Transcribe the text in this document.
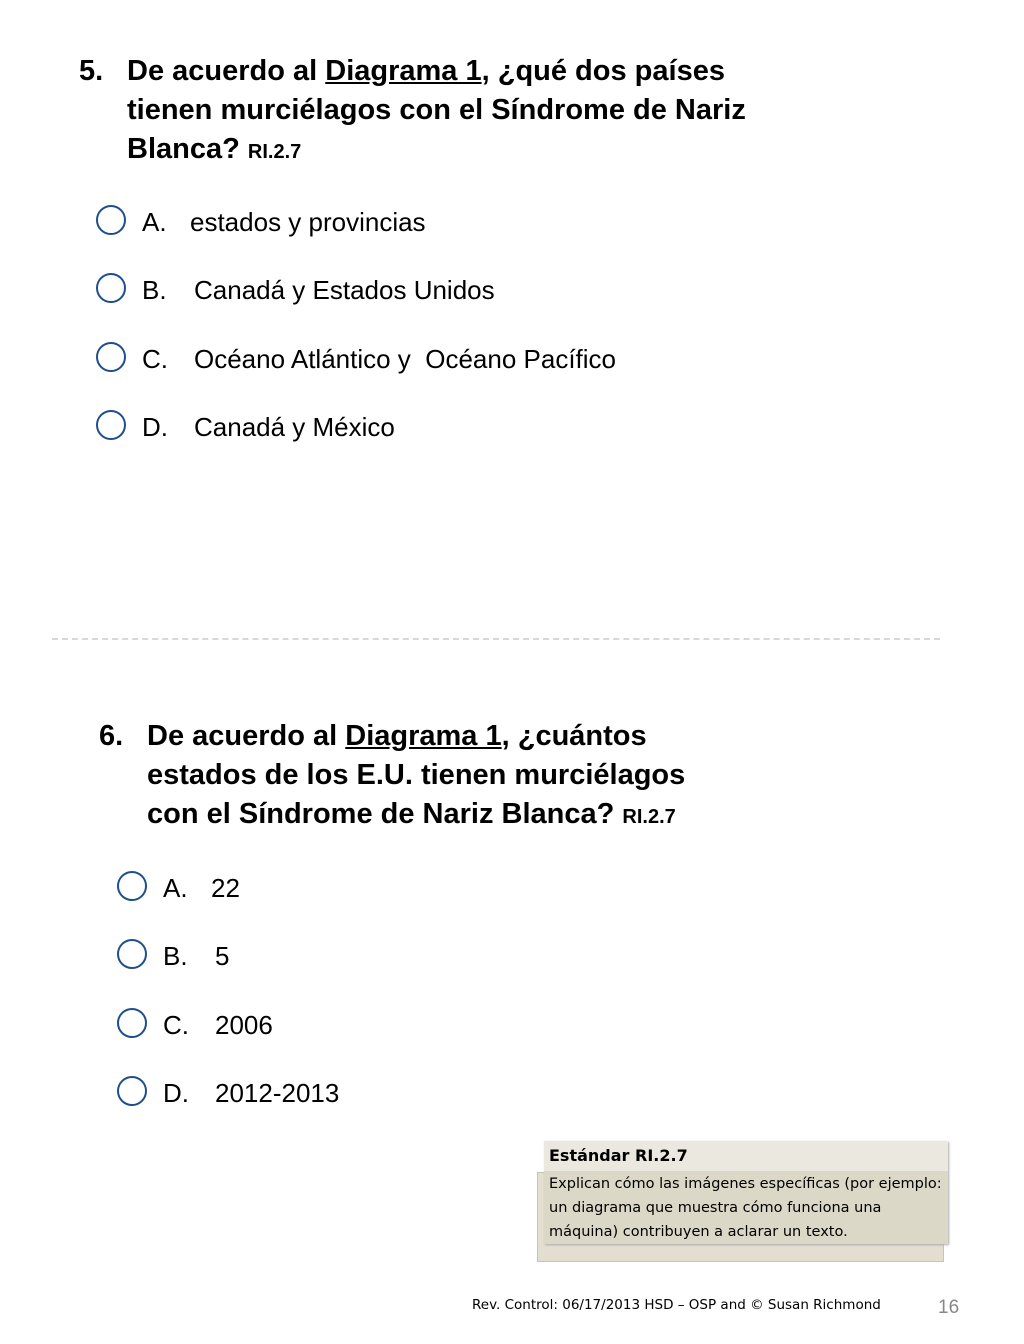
5. De acuerdo al Diagrama 1, ¿qué dos países
tienen murciélagos con el Síndrome de Nariz
Blanca? RI.2.7
A. estados y provincias
B. Canadá y Estados Unidos
C. Océano Atlántico y  Océano Pacífico
D. Canadá y México
6. De acuerdo al Diagrama 1, ¿cuántos
estados de los E.U. tienen murciélagos
con el Síndrome de Nariz Blanca? RI.2.7
A. 22
B. 5
C. 2006
D. 2012-2013
Estándar RI.2.7
Explican cómo las imágenes específicas (por ejemplo: un diagrama que muestra cómo funciona una máquina) contribuyen a aclarar un texto.
Rev. Control: 06/17/2013 HSD – OSP and © Susan Richmond	16
